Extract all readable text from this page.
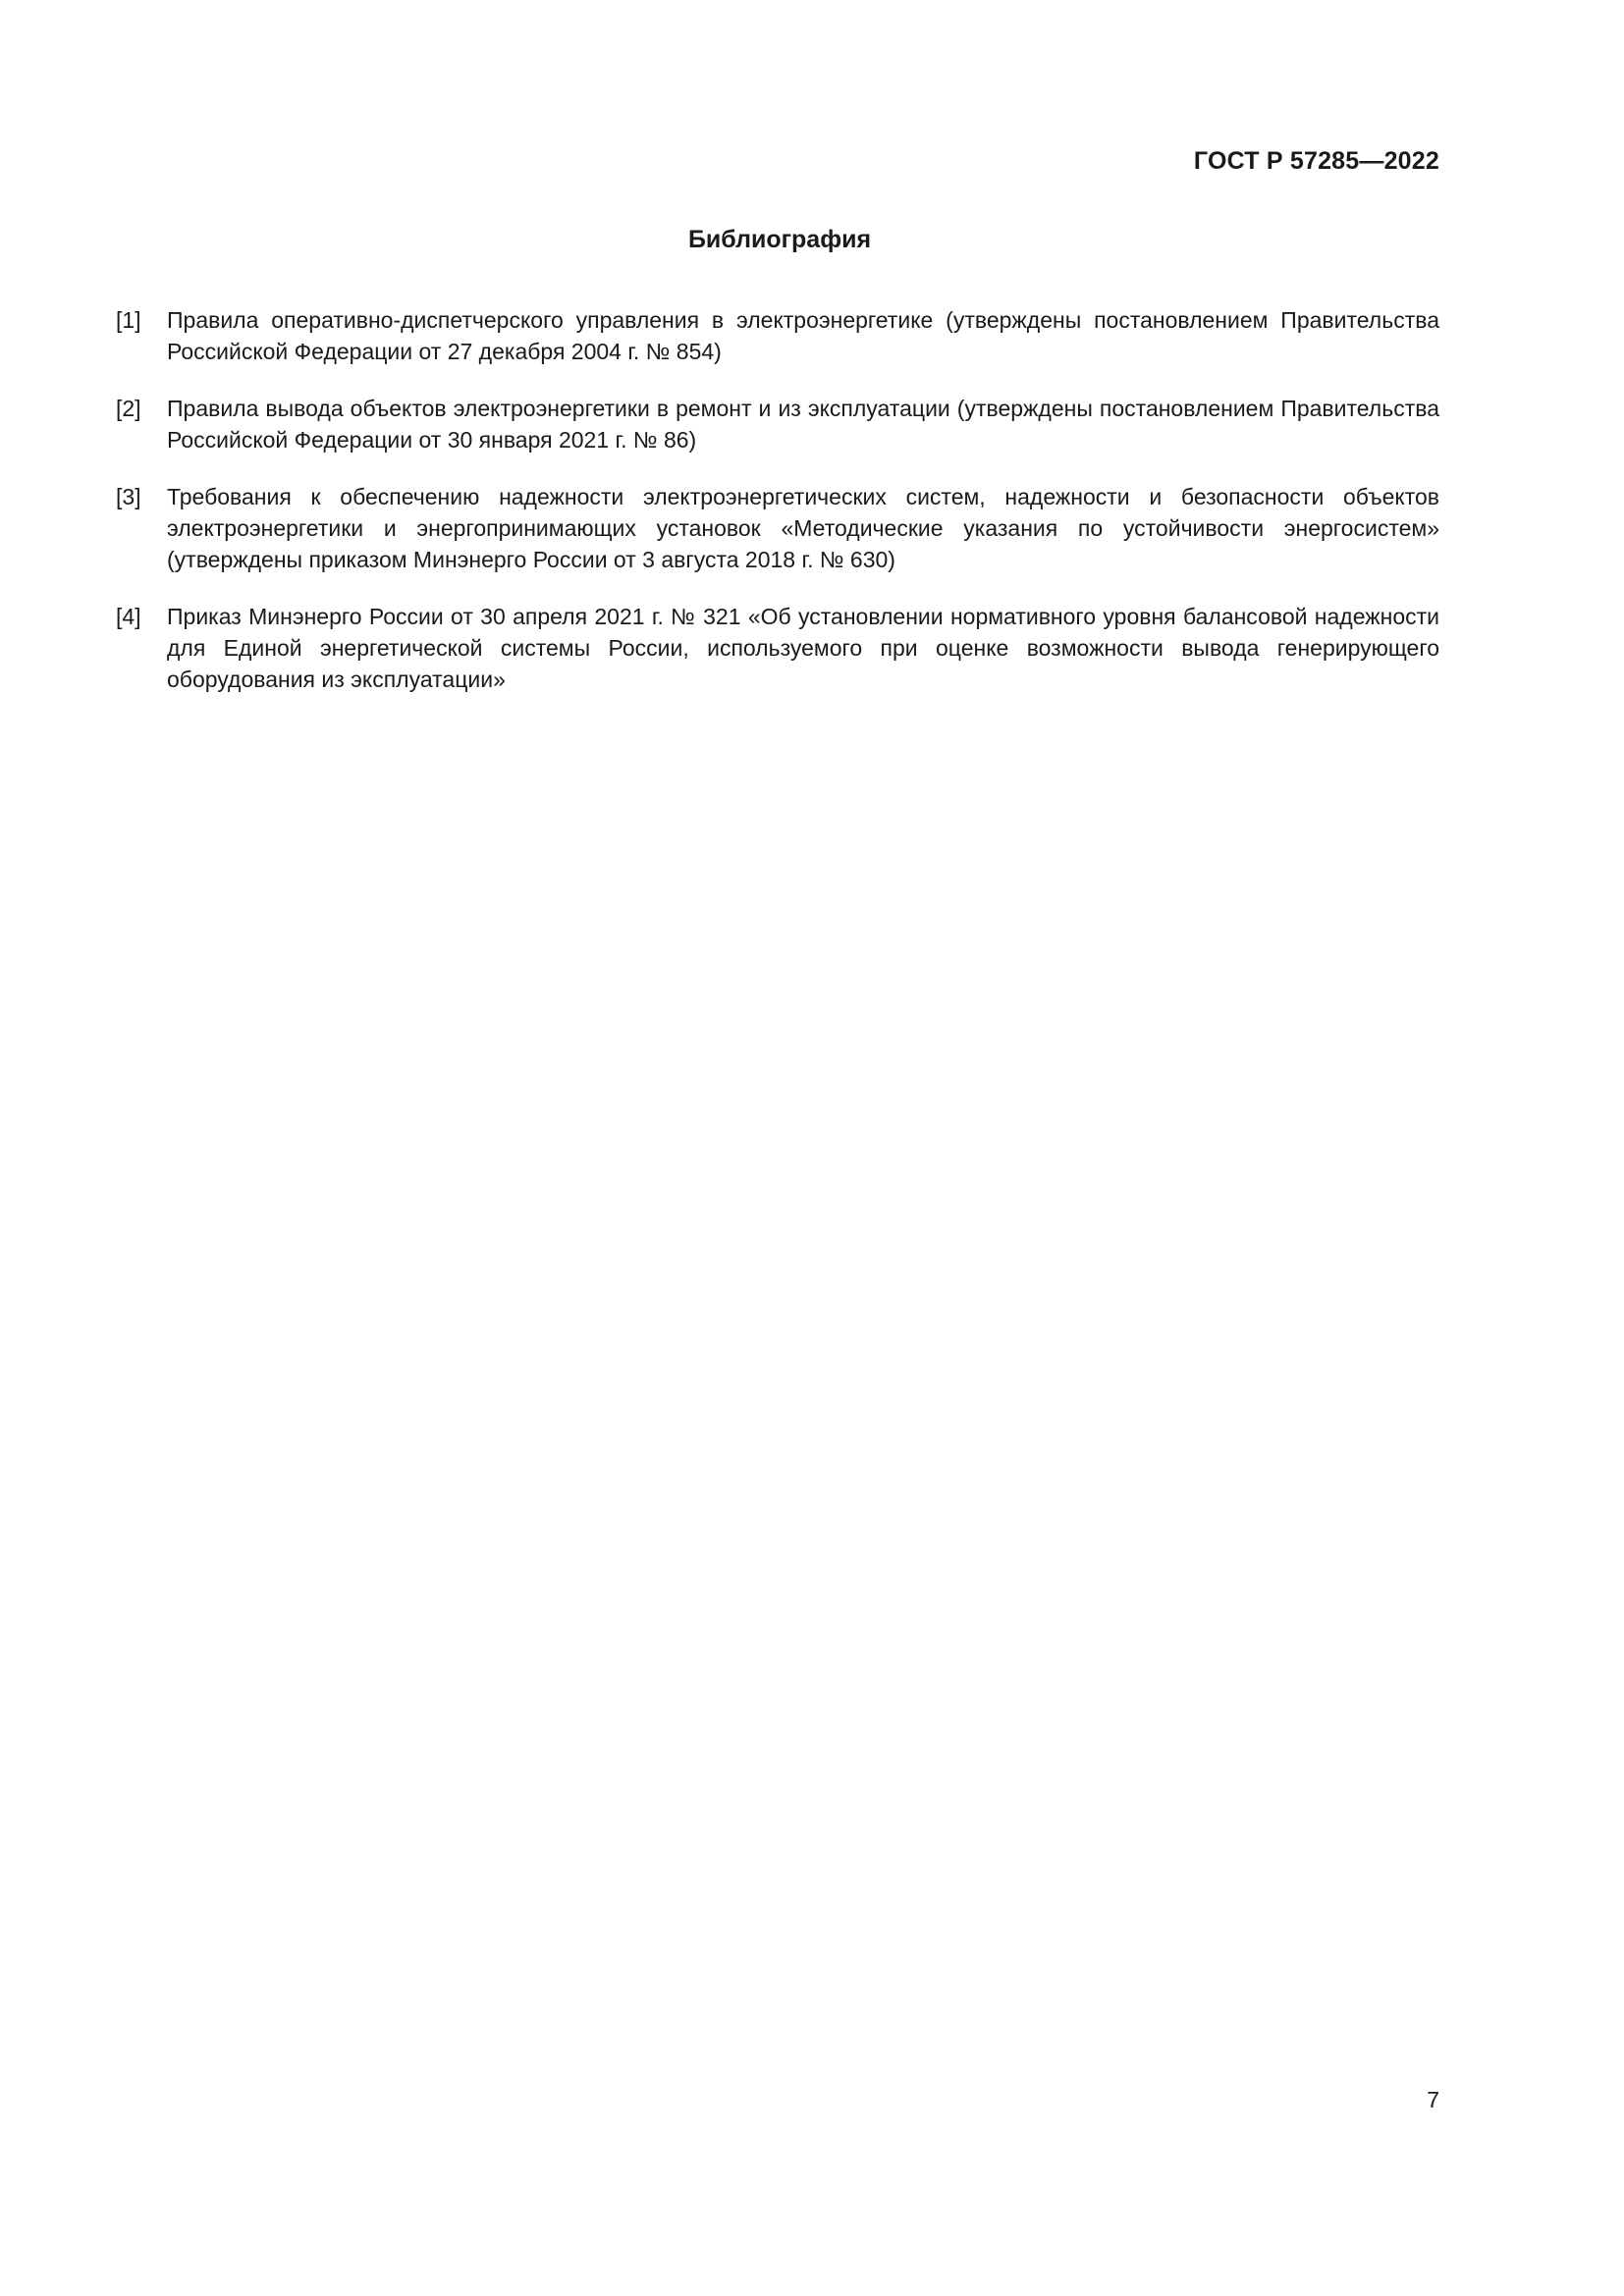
ГОСТ Р 57285—2022
Библиография
[1]	Правила оперативно-диспетчерского управления в электроэнергетике (утверждены постановлением Правительства Российской Федерации от 27 декабря 2004 г. № 854)
[2]	Правила вывода объектов электроэнергетики в ремонт и из эксплуатации (утверждены постановлением Правительства Российской Федерации от 30 января 2021 г. № 86)
[3]	Требования к обеспечению надежности электроэнергетических систем, надежности и безопасности объектов электроэнергетики и энергопринимающих установок «Методические указания по устойчивости энергосистем» (утверждены приказом Минэнерго России от 3 августа 2018 г. № 630)
[4]	Приказ Минэнерго России от 30 апреля 2021 г. № 321 «Об установлении нормативного уровня балансовой надежности для Единой энергетической системы России, используемого при оценке возможности вывода генерирующего оборудования из эксплуатации»
7
